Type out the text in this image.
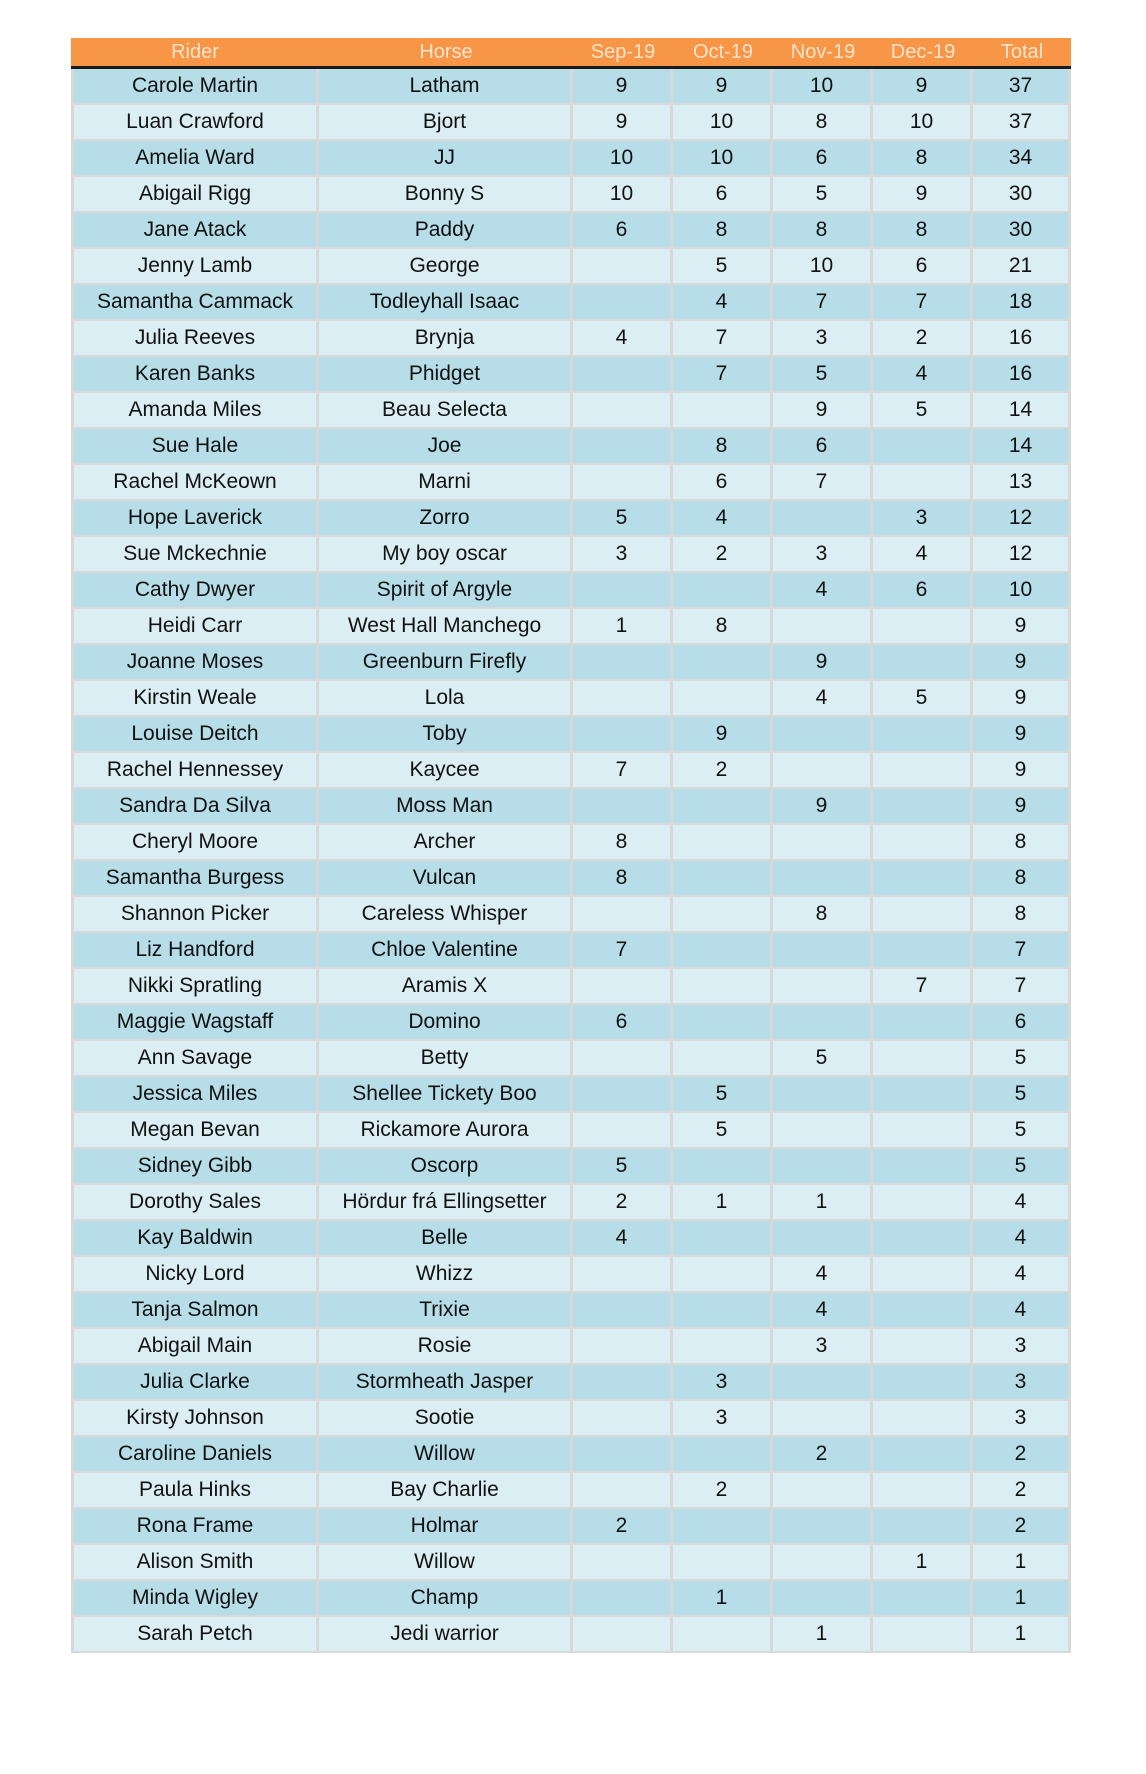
Rider	Horse	Sep-19	Oct-19	Nov-19	Dec-19	Total
Carole Martin	Latham	9	9	10	9	37
Luan Crawford	Bjort	9	10	8	10	37
Amelia Ward	JJ	10	10	6	8	34
Abigail Rigg	Bonny S	10	6	5	9	30
Jane Atack	Paddy	6	8	8	8	30
Jenny Lamb	George		5	10	6	21
Samantha Cammack	Todleyhall Isaac		4	7	7	18
Julia Reeves	Brynja	4	7	3	2	16
Karen Banks	Phidget		7	5	4	16
Amanda Miles	Beau Selecta			9	5	14
Sue Hale	Joe		8	6		14
Rachel McKeown	Marni		6	7		13
Hope Laverick	Zorro	5	4		3	12
Sue Mckechnie	My boy oscar	3	2	3	4	12
Cathy Dwyer	Spirit of Argyle			4	6	10
Heidi Carr	West Hall Manchego	1	8			9
Joanne Moses	Greenburn Firefly			9		9
Kirstin Weale	Lola			4	5	9
Louise Deitch	Toby		9			9
Rachel Hennessey	Kaycee	7	2			9
Sandra Da Silva	Moss Man			9		9
Cheryl Moore	Archer	8				8
Samantha Burgess	Vulcan	8				8
Shannon Picker	Careless Whisper			8		8
Liz Handford	Chloe Valentine	7				7
Nikki Spratling	Aramis X				7	7
Maggie Wagstaff	Domino	6				6
Ann Savage	Betty			5		5
Jessica Miles	Shellee Tickety Boo		5			5
Megan Bevan	Rickamore Aurora		5			5
Sidney Gibb	Oscorp	5				5
Dorothy Sales	Hördur frá Ellingsetter	2	1	1		4
Kay Baldwin	Belle	4				4
Nicky Lord	Whizz			4		4
Tanja Salmon	Trixie			4		4
Abigail Main	Rosie			3		3
Julia Clarke	Stormheath Jasper		3			3
Kirsty Johnson	Sootie		3			3
Caroline Daniels	Willow			2		2
Paula Hinks	Bay Charlie		2			2
Rona Frame	Holmar	2				2
Alison Smith	Willow				1	1
Minda Wigley	Champ		1			1
Sarah Petch	Jedi warrior			1		1
